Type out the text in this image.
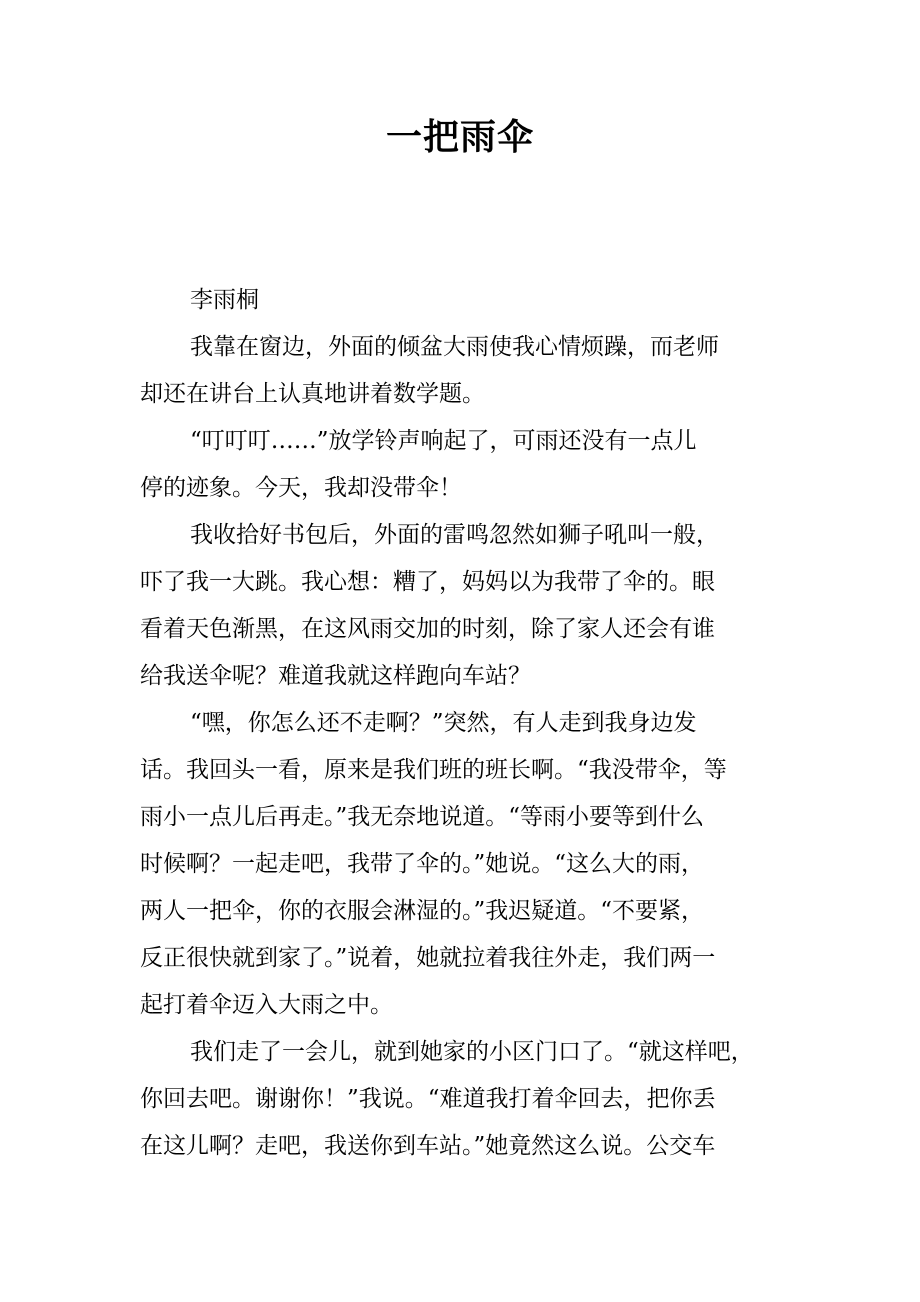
一把雨伞
李雨桐
我靠在窗边，外面的倾盆大雨使我心情烦躁，而老师
却还在讲台上认真地讲着数学题。
“叮叮叮……”放学铃声响起了，可雨还没有一点儿
停的迹象。今天，我却没带伞！
我收拾好书包后，外面的雷鸣忽然如狮子吼叫一般，
吓了我一大跳。我心想：糟了，妈妈以为我带了伞的。眼
看着天色渐黑，在这风雨交加的时刻，除了家人还会有谁
给我送伞呢？难道我就这样跑向车站？
“嘿，你怎么还不走啊？”突然，有人走到我身边发
话。我回头一看，原来是我们班的班长啊。“我没带伞，等
雨小一点儿后再走。”我无奈地说道。“等雨小要等到什么
时候啊？一起走吧，我带了伞的。”她说。“这么大的雨，
两人一把伞，你的衣服会淋湿的。”我迟疑道。“不要紧，
反正很快就到家了。”说着，她就拉着我往外走，我们两一
起打着伞迈入大雨之中。
我们走了一会儿，就到她家的小区门口了。“就这样吧，
你回去吧。谢谢你！”我说。“难道我打着伞回去，把你丢
在这儿啊？走吧，我送你到车站。”她竟然这么说。公交车
